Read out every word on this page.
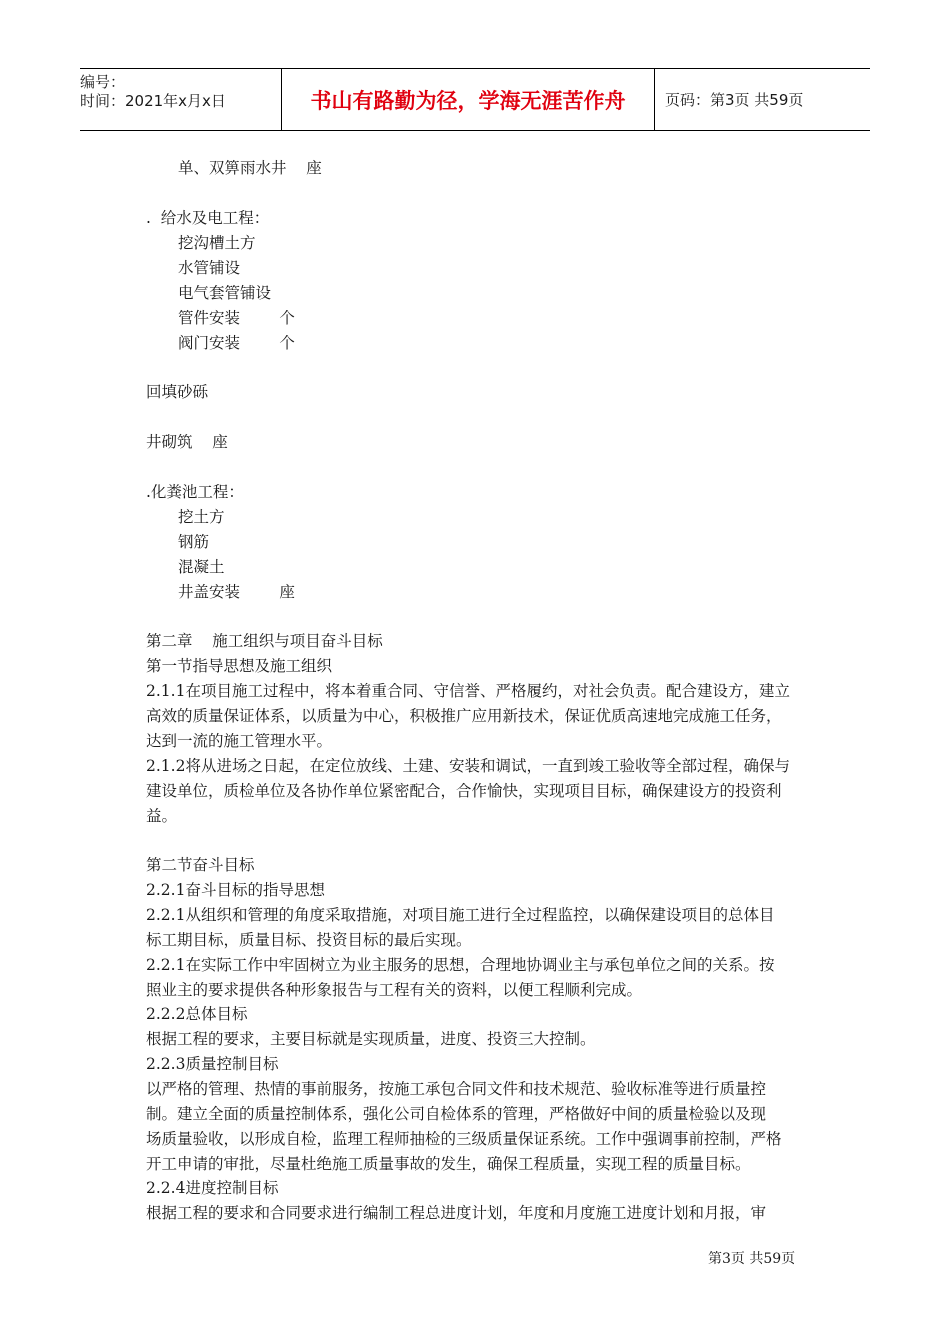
编号：
时间：2021年x月x日	书山有路勤为径，学海无涯苦作舟	页码：第3页 共59页
单、双箅雨水井    座
.  给水及电工程：
挖沟槽土方
水管铺设
电气套管铺设
管件安装        个
阀门安装        个
回填砂砾
井砌筑    座
.化粪池工程：
挖土方
钢筋
混凝土
井盖安装        座
第二章    施工组织与项目奋斗目标
第一节指导思想及施工组织
2.1.1在项目施工过程中，将本着重合同、守信誉、严格履约，对社会负责。配合建设方，建立
高效的质量保证体系，以质量为中心，积极推广应用新技术，保证优质高速地完成施工任务，
达到一流的施工管理水平。
2.1.2将从进场之日起，在定位放线、土建、安装和调试，一直到竣工验收等全部过程，确保与
建设单位，质检单位及各协作单位紧密配合，合作愉快，实现项目目标，确保建设方的投资利
益。
第二节奋斗目标
2.2.1奋斗目标的指导思想
2.2.1从组织和管理的角度采取措施，对项目施工进行全过程监控，以确保建设项目的总体目
标工期目标，质量目标、投资目标的最后实现。
2.2.1在实际工作中牢固树立为业主服务的思想，合理地协调业主与承包单位之间的关系。按
照业主的要求提供各种形象报告与工程有关的资料，以便工程顺利完成。
2.2.2总体目标
根据工程的要求，主要目标就是实现质量，进度、投资三大控制。
2.2.3质量控制目标
以严格的管理、热情的事前服务，按施工承包合同文件和技术规范、验收标准等进行质量控
制。建立全面的质量控制体系，强化公司自检体系的管理，严格做好中间的质量检验以及现
场质量验收，以形成自检，监理工程师抽检的三级质量保证系统。工作中强调事前控制，严格
开工申请的审批，尽量杜绝施工质量事故的发生，确保工程质量，实现工程的质量目标。
2.2.4进度控制目标
根据工程的要求和合同要求进行编制工程总进度计划，年度和月度施工进度计划和月报，审
第3页 共59页
